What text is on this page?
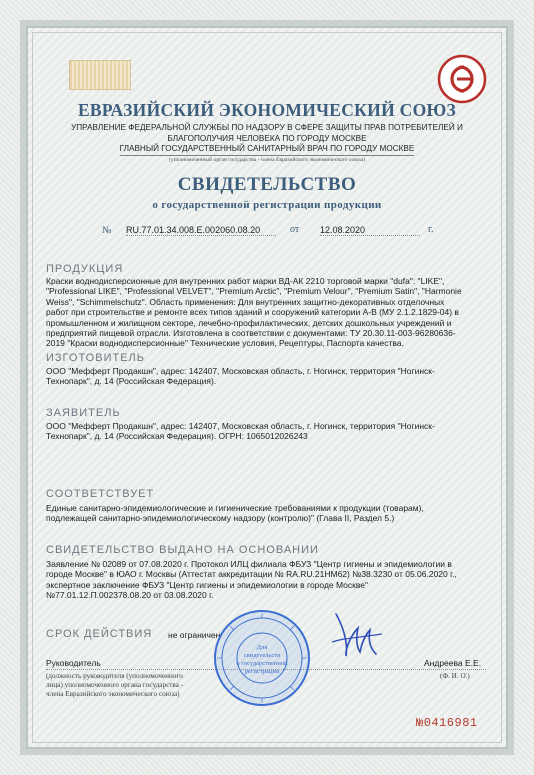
ЕВРАЗИЙСКИЙ ЭКОНОМИЧЕСКИЙ СОЮЗ
УПРАВЛЕНИЕ ФЕДЕРАЛЬНОЙ СЛУЖБЫ ПО НАДЗОРУ В СФЕРЕ ЗАЩИТЫ ПРАВ ПОТРЕБИТЕЛЕЙ И
БЛАГОПОЛУЧИЯ ЧЕЛОВЕКА ПО ГОРОДУ МОСКВЕ
ГЛАВНЫЙ ГОСУДАРСТВЕННЫЙ САНИТАРНЫЙ ВРАЧ ПО ГОРОДУ МОСКВЕ
(уполномоченный орган государства - члена Евразийского экономического союза)
СВИДЕТЕЛЬСТВО
о государственной регистрации продукции
№ RU.77.01.34.008.Е.002060.08.20	от 12.08.2020	г.
ПРОДУКЦИЯ
Краски воднодисперсионные для внутренних работ марки ВД-АК 2210 торговой марки "dufa": "LIKE",
"Professional LIKE", "Professional VELVET", "Premium Arctic", "Premium Velour", "Premium Satin", "Harmonie
Weiss", "Schimmelschutz". Область применения: Для внутренних защитно-декоративных отделочных
работ при строительстве и ремонте всех типов зданий и сооружений категории А-В (МУ 2.1.2.1829-04) в
промышленном и жилищном секторе, лечебно-профилактических, детских дошкольных учреждений и
предприятий пищевой отрасли. Изготовлена в соответствии с документами: ТУ 20.30.11-003-96280636-
2019 "Краски воднодисперсионные" Технические условия, Рецептуры, Паспорта качества.
ИЗГОТОВИТЕЛЬ
ООО "Мефферт Продакшн", адрес: 142407, Московская область, г. Ногинск, территория "Ногинск-
Технопарк", д. 14 (Российская Федерация).
ЗАЯВИТЕЛЬ
ООО "Мефферт Продакшн", адрес: 142407, Московская область, г. Ногинск, территория "Ногинск-
Технопарк", д. 14 (Российская Федерация). ОГРН: 1065012026243
СООТВЕТСТВУЕТ
Единые санитарно-эпидемиологические и гигиенические требованиями к продукции (товарам),
подлежащей санитарно-эпидемиологическому надзору (контролю)" (Глава II, Раздел 5.)
СВИДЕТЕЛЬСТВО ВЫДАНО НА ОСНОВАНИИ
Заявление № 02089 от 07.08.2020 г. Протокол ИЛЦ филиала ФБУЗ "Центр гигиены и эпидемиологии в
городе Москве" в ЮАО г. Москвы (Аттестат аккредитации № RA.RU.21НМ62) №38.3230 от 05.06.2020 г.,
экспертное заключение ФБУЗ "Центр гигиены и эпидемиологии в городе Москве"
№77.01.12.П.002378.08.20 от 03.08.2020 г.
СРОК ДЕЙСТВИЯ не ограничен
Руководитель	Андреева Е.Е.
(должность руководителя (уполномоченного
лица) уполномоченного органа государства -
члена Евразийского экономического союза)
(Ф. И. О.)
Для
свидетельств
о государственной
регистрации
№0416981
